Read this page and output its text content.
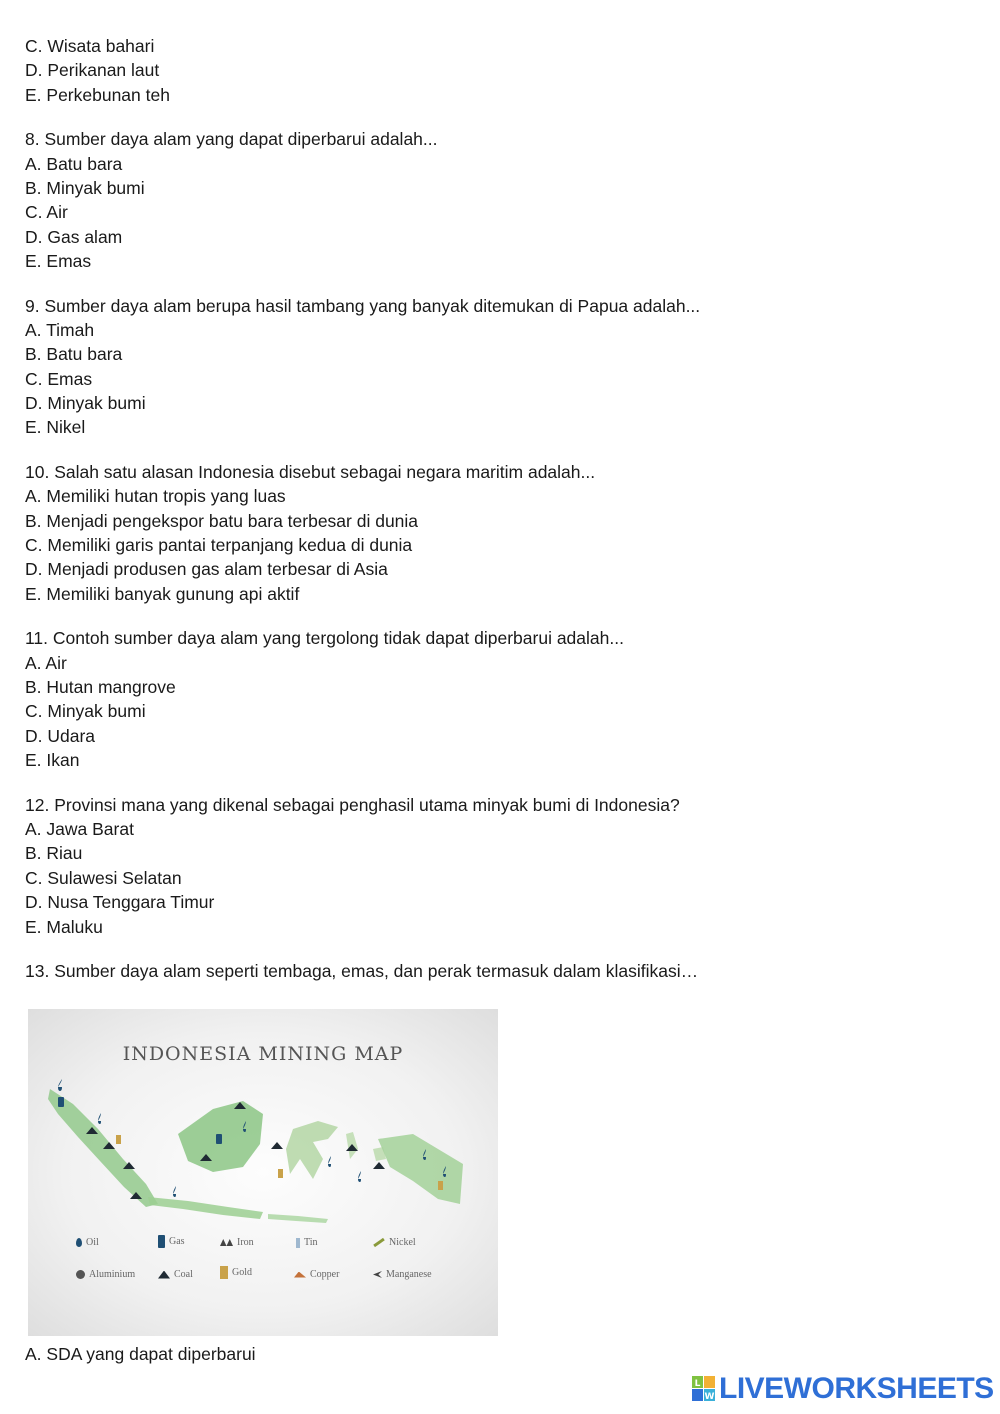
C. Wisata bahari
D. Perikanan laut
E. Perkebunan teh
8. Sumber daya alam yang dapat diperbarui adalah...
A. Batu bara
B. Minyak bumi
C. Air
D. Gas alam
E. Emas
9. Sumber daya alam berupa hasil tambang yang banyak ditemukan di Papua adalah...
A. Timah
B. Batu bara
C. Emas
D. Minyak bumi
E. Nikel
10. Salah satu alasan Indonesia disebut sebagai negara maritim adalah...
A. Memiliki hutan tropis yang luas
B. Menjadi pengekspor batu bara terbesar di dunia
C. Memiliki garis pantai terpanjang kedua di dunia
D. Menjadi produsen gas alam terbesar di Asia
E. Memiliki banyak gunung api aktif
11. Contoh sumber daya alam yang tergolong tidak dapat diperbarui adalah...
A. Air
B. Hutan mangrove
C. Minyak bumi
D. Udara
E. Ikan
12. Provinsi mana yang dikenal sebagai penghasil utama minyak bumi di Indonesia?
A. Jawa Barat
B. Riau
C. Sulawesi Selatan
D. Nusa Tenggara Timur
E. Maluku
13. Sumber daya alam seperti tembaga, emas, dan perak termasuk dalam klasifikasi…
INDONESIA MINING MAP
Oil	Gas	Iron	Tin	Nickel
Aluminium	Coal	Gold	Copper	Manganese
A. SDA yang dapat diperbarui
L
W LIVEWORKSHEETS
